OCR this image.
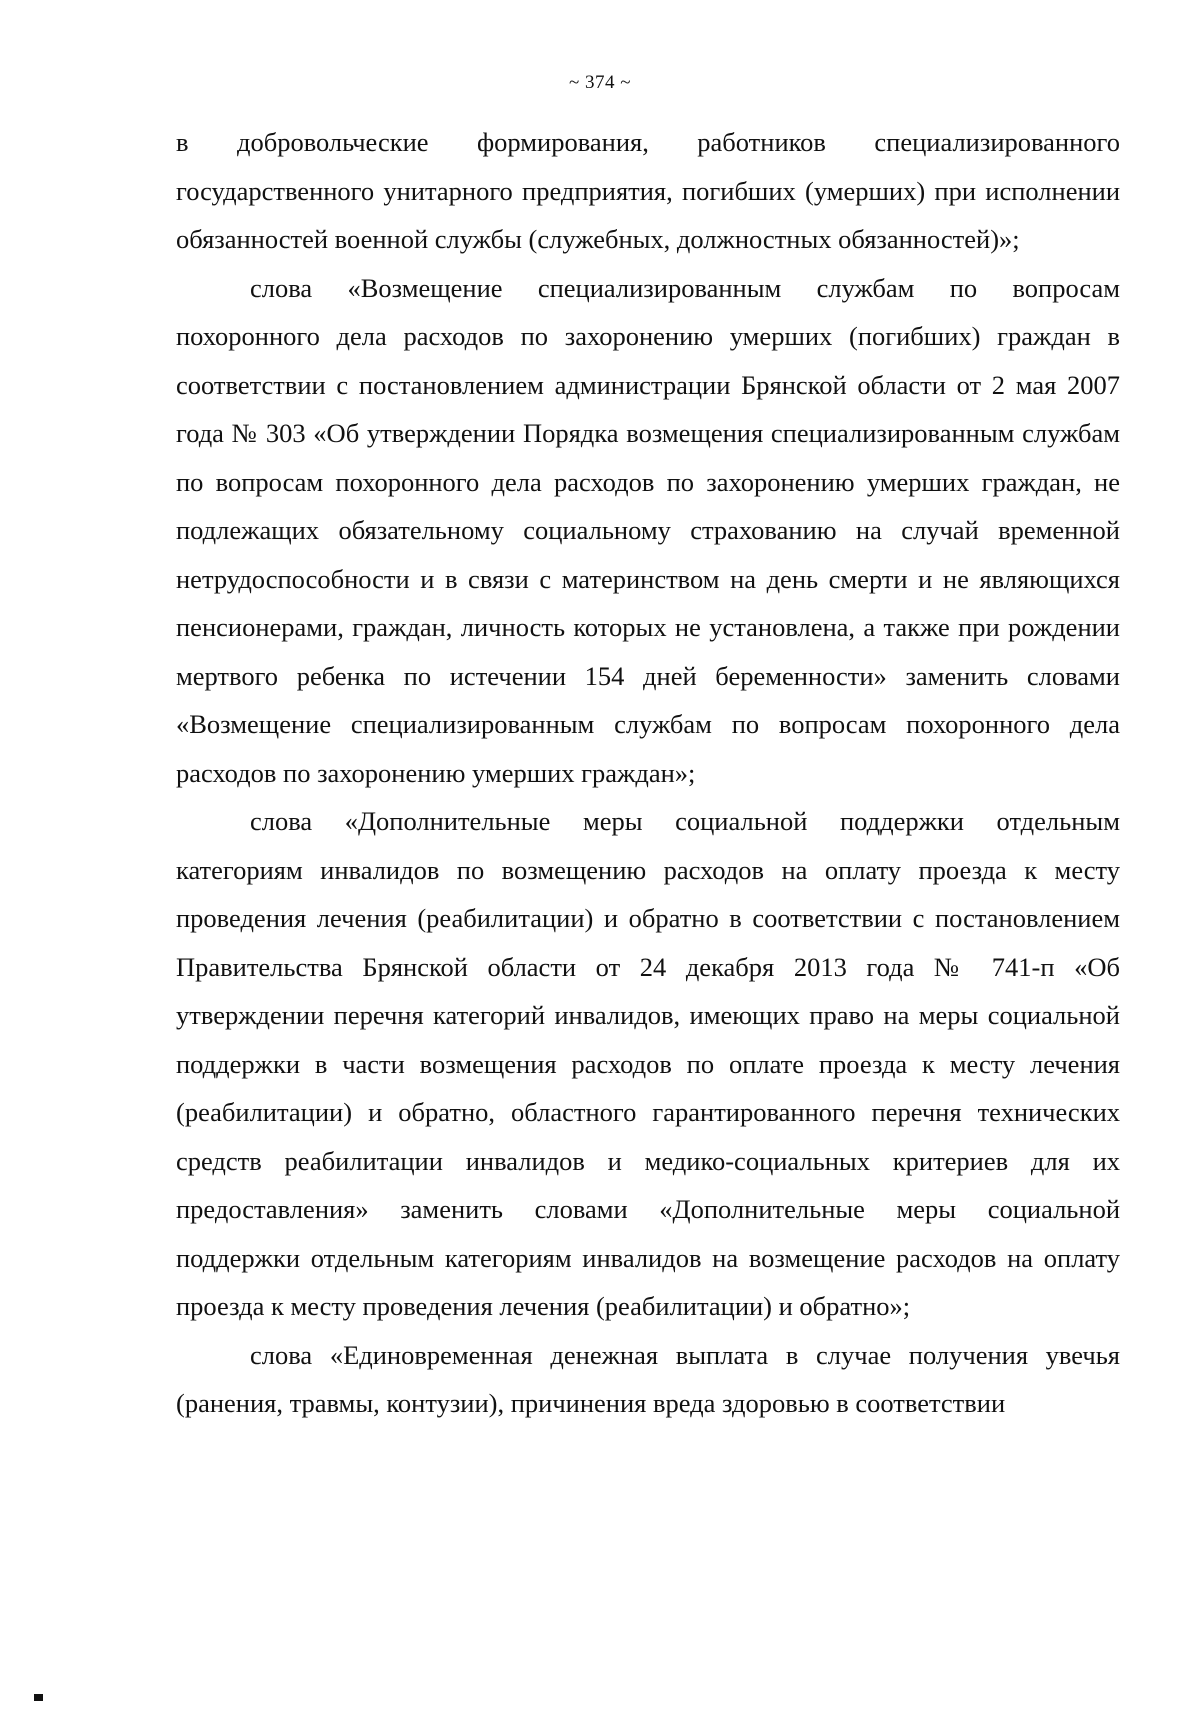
~ 374 ~

в добровольческие формирования, работников специализированного государственного унитарного предприятия, погибших (умерших) при исполнении обязанностей военной службы (служебных, должностных обязанностей)»;

слова «Возмещение специализированным службам по вопросам похоронного дела расходов по захоронению умерших (погибших) граждан в соответствии с постановлением администрации Брянской области от 2 мая 2007 года № 303 «Об утверждении Порядка возмещения специализированным службам по вопросам похоронного дела расходов по захоронению умерших граждан, не подлежащих обязательному социальному страхованию на случай временной нетрудоспособности и в связи с материнством на день смерти и не являющихся пенсионерами, граждан, личность которых не установлена, а также при рождении мертвого ребенка по истечении 154 дней беременности» заменить словами «Возмещение специализированным службам по вопросам похоронного дела расходов по захоронению умерших граждан»;

слова «Дополнительные меры социальной поддержки отдельным категориям инвалидов по возмещению расходов на оплату проезда к месту проведения лечения (реабилитации) и обратно в соответствии с постановлением Правительства Брянской области от 24 декабря 2013 года № 741-п «Об утверждении перечня категорий инвалидов, имеющих право на меры социальной поддержки в части возмещения расходов по оплате проезда к месту лечения (реабилитации) и обратно, областного гарантированного перечня технических средств реабилитации инвалидов и медико-социальных критериев для их предоставления» заменить словами «Дополнительные меры социальной поддержки отдельным категориям инвалидов на возмещение расходов на оплату проезда к месту проведения лечения (реабилитации) и обратно»;

слова «Единовременная денежная выплата в случае получения увечья (ранения, травмы, контузии), причинения вреда здоровью в соответствии
